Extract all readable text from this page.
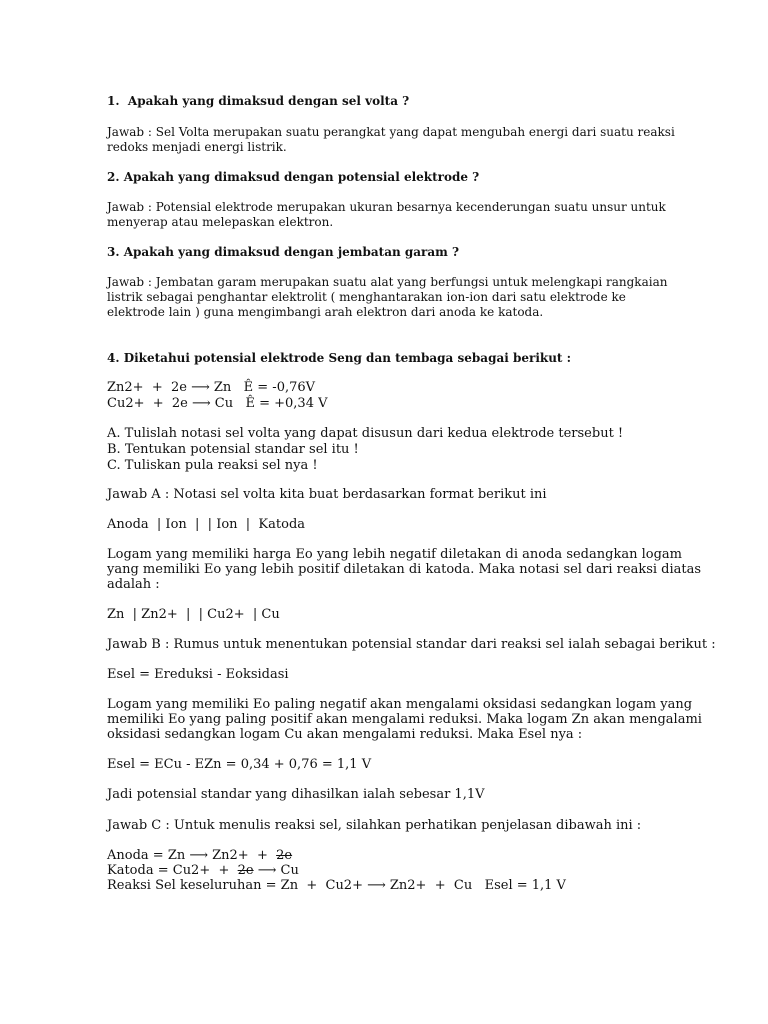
1.  Apakah yang dimaksud dengan sel volta ?
Jawab : Sel Volta merupakan suatu perangkat yang dapat mengubah energi dari suatu reaksi
redoks menjadi energi listrik.
2. Apakah yang dimaksud dengan potensial elektrode ?
Jawab : Potensial elektrode merupakan ukuran besarnya kecenderungan suatu unsur untuk
menyerap atau melepaskan elektron.
3. Apakah yang dimaksud dengan jembatan garam ?
Jawab : Jembatan garam merupakan suatu alat yang berfungsi untuk melengkapi rangkaian
listrik sebagai penghantar elektrolit ( menghantarakan ion-ion dari satu elektrode ke
elektrode lain ) guna mengimbangi arah elektron dari anoda ke katoda.
4. Diketahui potensial elektrode Seng dan tembaga sebagai berikut :
Zn2+  +  2e ⟶ Zn   Ê = -0,76V
Cu2+  +  2e ⟶ Cu   Ê = +0,34 V
A. Tulislah notasi sel volta yang dapat disusun dari kedua elektrode tersebut !
B. Tentukan potensial standar sel itu !
C. Tuliskan pula reaksi sel nya !
Jawab A : Notasi sel volta kita buat berdasarkan format berikut ini
Anoda  | Ion  |  | Ion  |  Katoda
Logam yang memiliki harga Eo yang lebih negatif diletakan di anoda sedangkan logam
yang memiliki Eo yang lebih positif diletakan di katoda. Maka notasi sel dari reaksi diatas
adalah :
Zn  | Zn2+  |  | Cu2+  | Cu
Jawab B : Rumus untuk menentukan potensial standar dari reaksi sel ialah sebagai berikut :
Esel = Ereduksi - Eoksidasi
Logam yang memiliki Eo paling negatif akan mengalami oksidasi sedangkan logam yang
memiliki Eo yang paling positif akan mengalami reduksi. Maka logam Zn akan mengalami
oksidasi sedangkan logam Cu akan mengalami reduksi. Maka Esel nya :
Esel = ECu - EZn = 0,34 + 0,76 = 1,1 V
Jadi potensial standar yang dihasilkan ialah sebesar 1,1V
Jawab C : Untuk menulis reaksi sel, silahkan perhatikan penjelasan dibawah ini :
Anoda = Zn ⟶ Zn2+  +  2e
Katoda = Cu2+  +  2e ⟶ Cu
Reaksi Sel keseluruhan = Zn  +  Cu2+ ⟶ Zn2+  +  Cu   Esel = 1,1 V
